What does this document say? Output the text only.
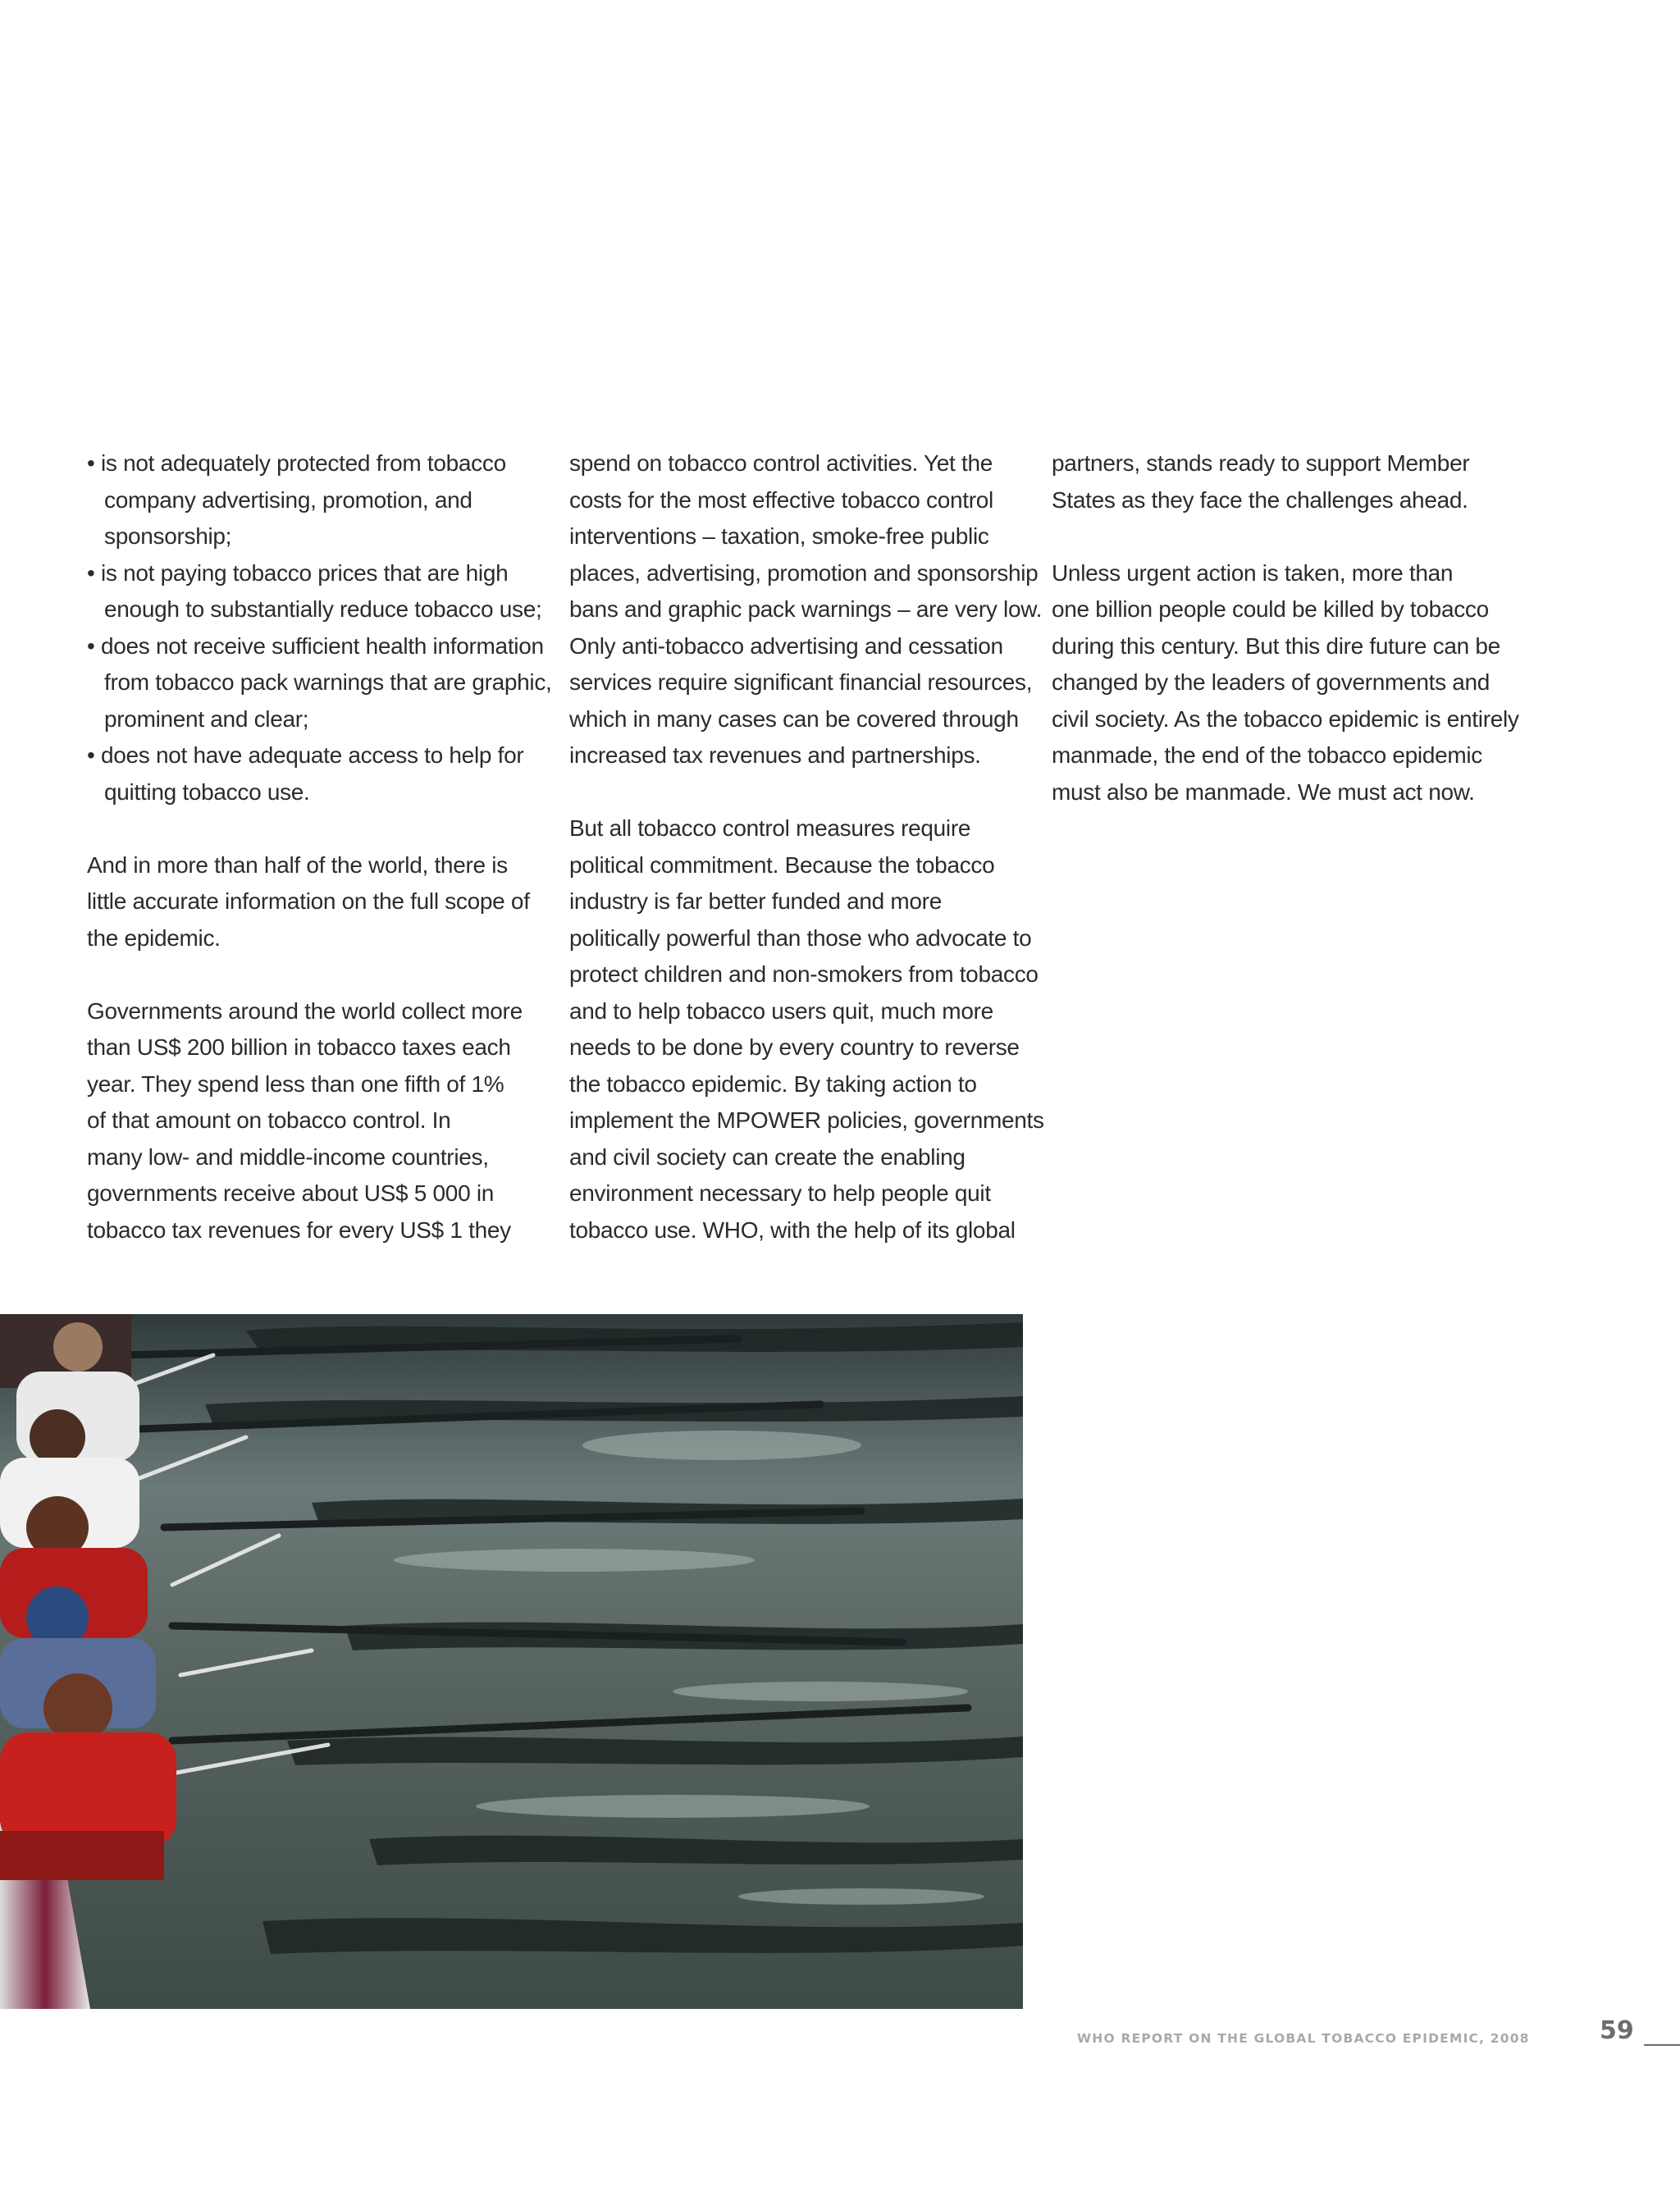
• is not adequately protected from tobacco
company advertising, promotion, and
sponsorship;
• is not paying tobacco prices that are high
enough to substantially reduce tobacco use;
• does not receive sufficient health information
from tobacco pack warnings that are graphic,
prominent and clear;
• does not have adequate access to help for
quitting tobacco use.
And in more than half of the world, there is
little accurate information on the full scope of
the epidemic.
Governments around the world collect more
than US$ 200 billion in tobacco taxes each
year. They spend less than one fifth of 1%
of that amount on tobacco control. In
many low- and middle-income countries,
governments receive about US$ 5 000 in
tobacco tax revenues for every US$ 1 they
spend on tobacco control activities. Yet the
costs for the most effective tobacco control
interventions – taxation, smoke-free public
places, advertising, promotion and sponsorship
bans and graphic pack warnings – are very low.
Only anti-tobacco advertising and cessation
services require significant financial resources,
which in many cases can be covered through
increased tax revenues and partnerships.
But all tobacco control measures require
political commitment. Because the tobacco
industry is far better funded and more
politically powerful than those who advocate to
protect children and non-smokers from tobacco
and to help tobacco users quit, much more
needs to be done by every country to reverse
the tobacco epidemic. By taking action to
implement the MPOWER policies, governments
and civil society can create the enabling
environment necessary to help people quit
tobacco use. WHO, with the help of its global
partners, stands ready to support Member
States as they face the challenges ahead.
Unless urgent action is taken, more than
one billion people could be killed by tobacco
during this century. But this dire future can be
changed by the leaders of governments and
civil society. As the tobacco epidemic is entirely
manmade, the end of the tobacco epidemic
must also be manmade. We must act now.
WHO REPORT ON THE GLOBAL TOBACCO EPIDEMIC, 2008	59
